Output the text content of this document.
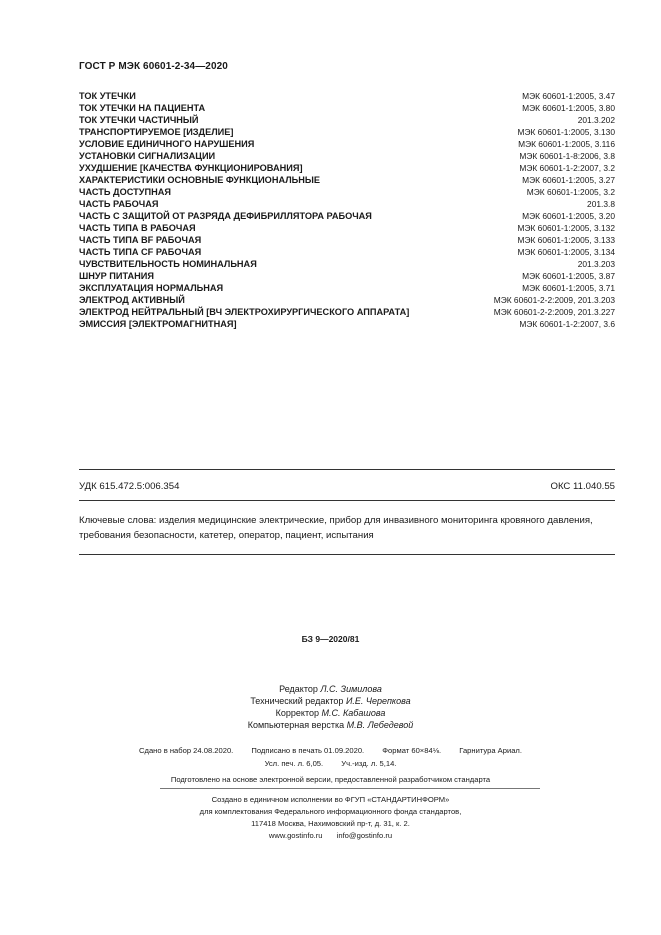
ГОСТ Р МЭК 60601-2-34—2020
ТОК УТЕЧКИ	МЭК 60601-1:2005, 3.47
ТОК УТЕЧКИ НА ПАЦИЕНТА	МЭК 60601-1:2005, 3.80
ТОК УТЕЧКИ ЧАСТИЧНЫЙ	201.3.202
ТРАНСПОРТИРУЕМОЕ [ИЗДЕЛИЕ]	МЭК 60601-1:2005, 3.130
УСЛОВИЕ ЕДИНИЧНОГО НАРУШЕНИЯ	МЭК 60601-1:2005, 3.116
УСТАНОВКИ СИГНАЛИЗАЦИИ	МЭК 60601-1-8:2006, 3.8
УХУДШЕНИЕ [КАЧЕСТВА ФУНКЦИОНИРОВАНИЯ]	МЭК 60601-1-2:2007, 3.2
ХАРАКТЕРИСТИКИ ОСНОВНЫЕ ФУНКЦИОНАЛЬНЫЕ	МЭК 60601-1:2005, 3.27
ЧАСТЬ ДОСТУПНАЯ	МЭК 60601-1:2005, 3.2
ЧАСТЬ РАБОЧАЯ	201.3.8
ЧАСТЬ С ЗАЩИТОЙ ОТ РАЗРЯДА ДЕФИБРИЛЛЯТОРА РАБОЧАЯ	МЭК 60601-1:2005, 3.20
ЧАСТЬ ТИПА В РАБОЧАЯ	МЭК 60601-1:2005, 3.132
ЧАСТЬ ТИПА BF РАБОЧАЯ	МЭК 60601-1:2005, 3.133
ЧАСТЬ ТИПА CF РАБОЧАЯ	МЭК 60601-1:2005, 3.134
ЧУВСТВИТЕЛЬНОСТЬ НОМИНАЛЬНАЯ	201.3.203
ШНУР ПИТАНИЯ	МЭК 60601-1:2005, 3.87
ЭКСПЛУАТАЦИЯ НОРМАЛЬНАЯ	МЭК 60601-1:2005, 3.71
ЭЛЕКТРОД АКТИВНЫЙ	МЭК 60601-2-2:2009, 201.3.203
ЭЛЕКТРОД НЕЙТРАЛЬНЫЙ [ВЧ ЭЛЕКТРОХИРУРГИЧЕСКОГО АППАРАТА]	МЭК 60601-2-2:2009, 201.3.227
ЭМИССИЯ [ЭЛЕКТРОМАГНИТНАЯ]	МЭК 60601-1-2:2007, 3.6
УДК 615.472.5:006.354	ОКС 11.040.55
Ключевые слова: изделия медицинские электрические, прибор для инвазивного мониторинга кровяного давления, требования безопасности, катетер, оператор, пациент, испытания
БЗ 9—2020/81
Редактор Л.С. Зимилова
Технический редактор И.Е. Черепкова
Корректор М.С. Кабашова
Компьютерная верстка М.В. Лебедевой
Сдано в набор 24.08.2020. Подписано в печать 01.09.2020. Формат 60×84⅛. Гарнитура Ариал.
Усл. печ. л. 6,05. Уч.-изд. л. 5,14.
Подготовлено на основе электронной версии, предоставленной разработчиком стандарта
Создано в единичном исполнении во ФГУП «СТАНДАРТИНФОРМ»
для комплектования Федерального информационного фонда стандартов,
117418 Москва, Нахимовский пр-т, д. 31, к. 2.
www.gostinfo.ru info@gostinfo.ru
